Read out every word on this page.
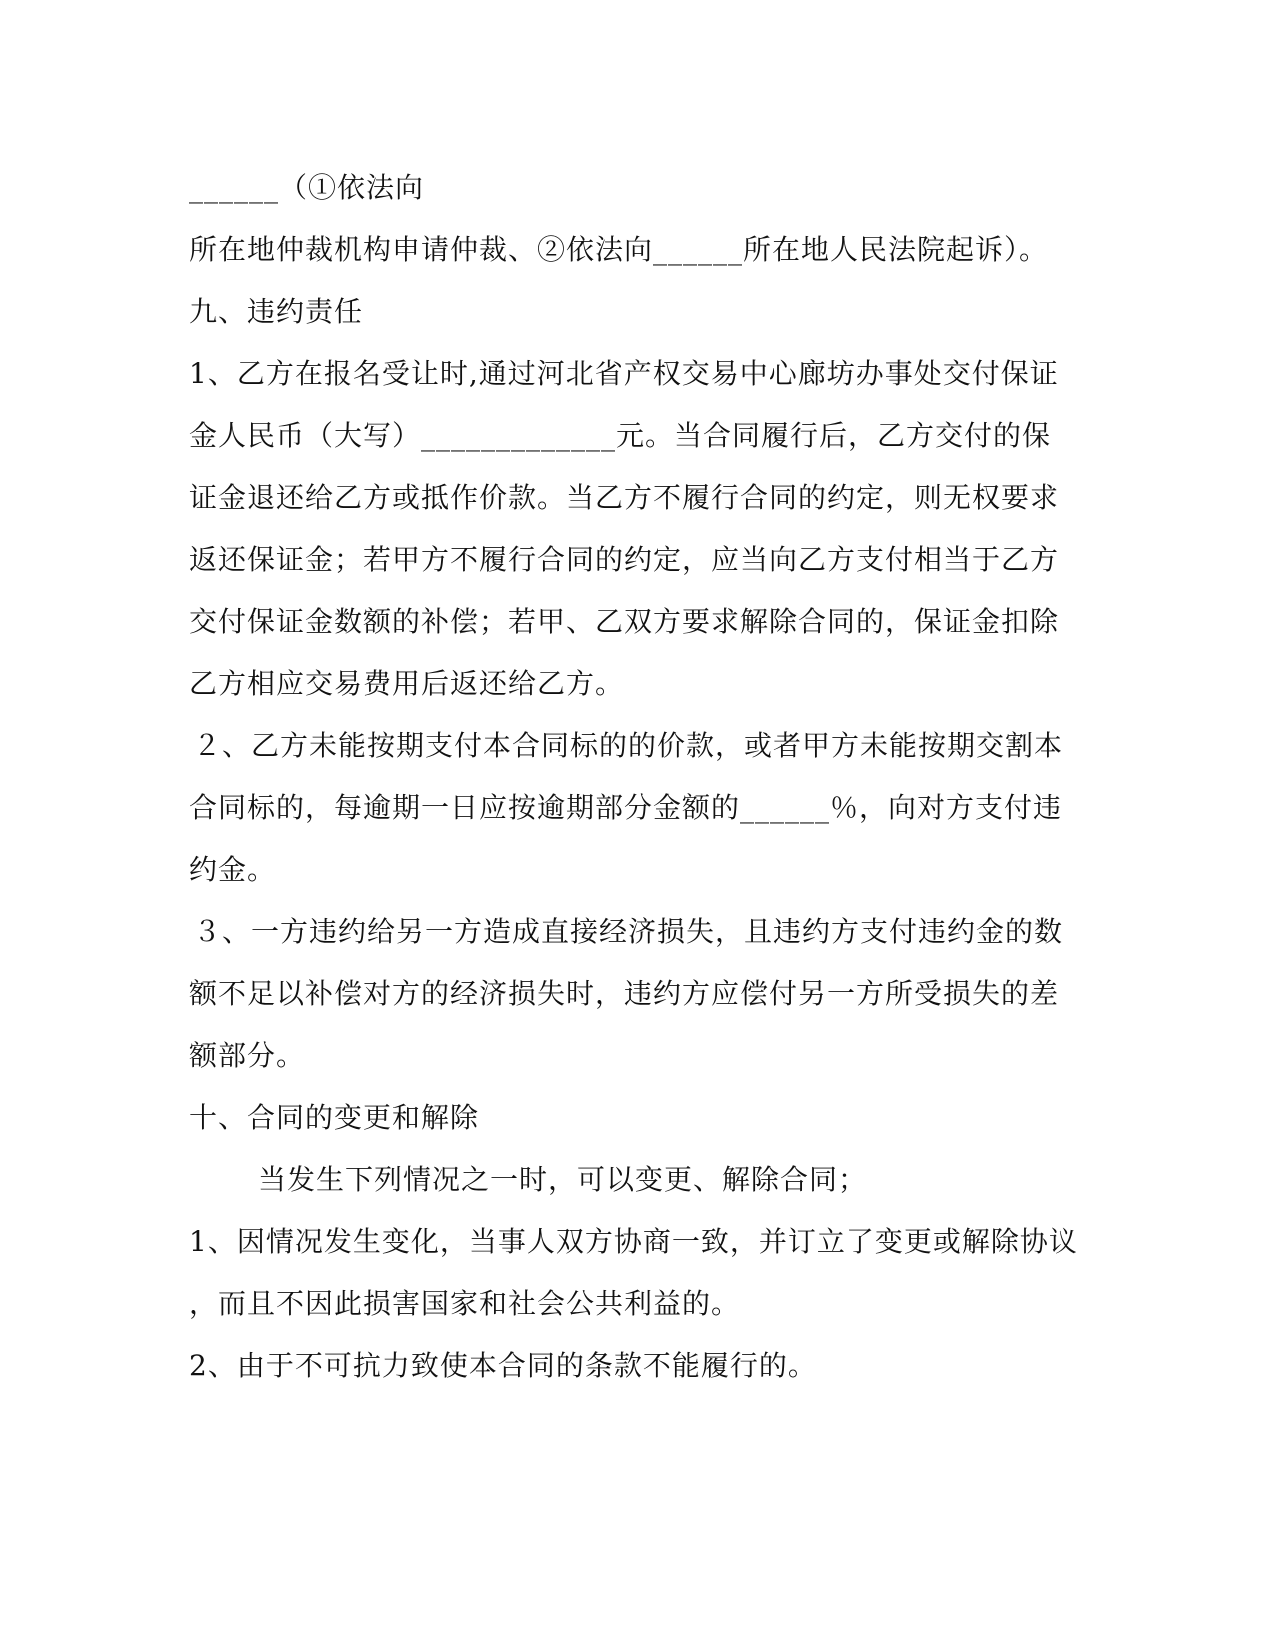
______（①依法向
所在地仲裁机构申请仲裁、②依法向______所在地人民法院起诉）。
九、违约责任
1、乙方在报名受让时,通过河北省产权交易中心廊坊办事处交付保证
金人民币（大写）_____________元。当合同履行后，乙方交付的保
证金退还给乙方或抵作价款。当乙方不履行合同的约定，则无权要求
返还保证金；若甲方不履行合同的约定，应当向乙方支付相当于乙方
交付保证金数额的补偿；若甲、乙双方要求解除合同的，保证金扣除
乙方相应交易费用后返还给乙方。
２、乙方未能按期支付本合同标的的价款，或者甲方未能按期交割本
合同标的，每逾期一日应按逾期部分金额的______％，向对方支付违
约金。
３、一方违约给另一方造成直接经济损失，且违约方支付违约金的数
额不足以补偿对方的经济损失时，违约方应偿付另一方所受损失的差
额部分。
十、合同的变更和解除
当发生下列情况之一时，可以变更、解除合同；
1、因情况发生变化，当事人双方协商一致，并订立了变更或解除协议
，而且不因此损害国家和社会公共利益的。
2、由于不可抗力致使本合同的条款不能履行的。
